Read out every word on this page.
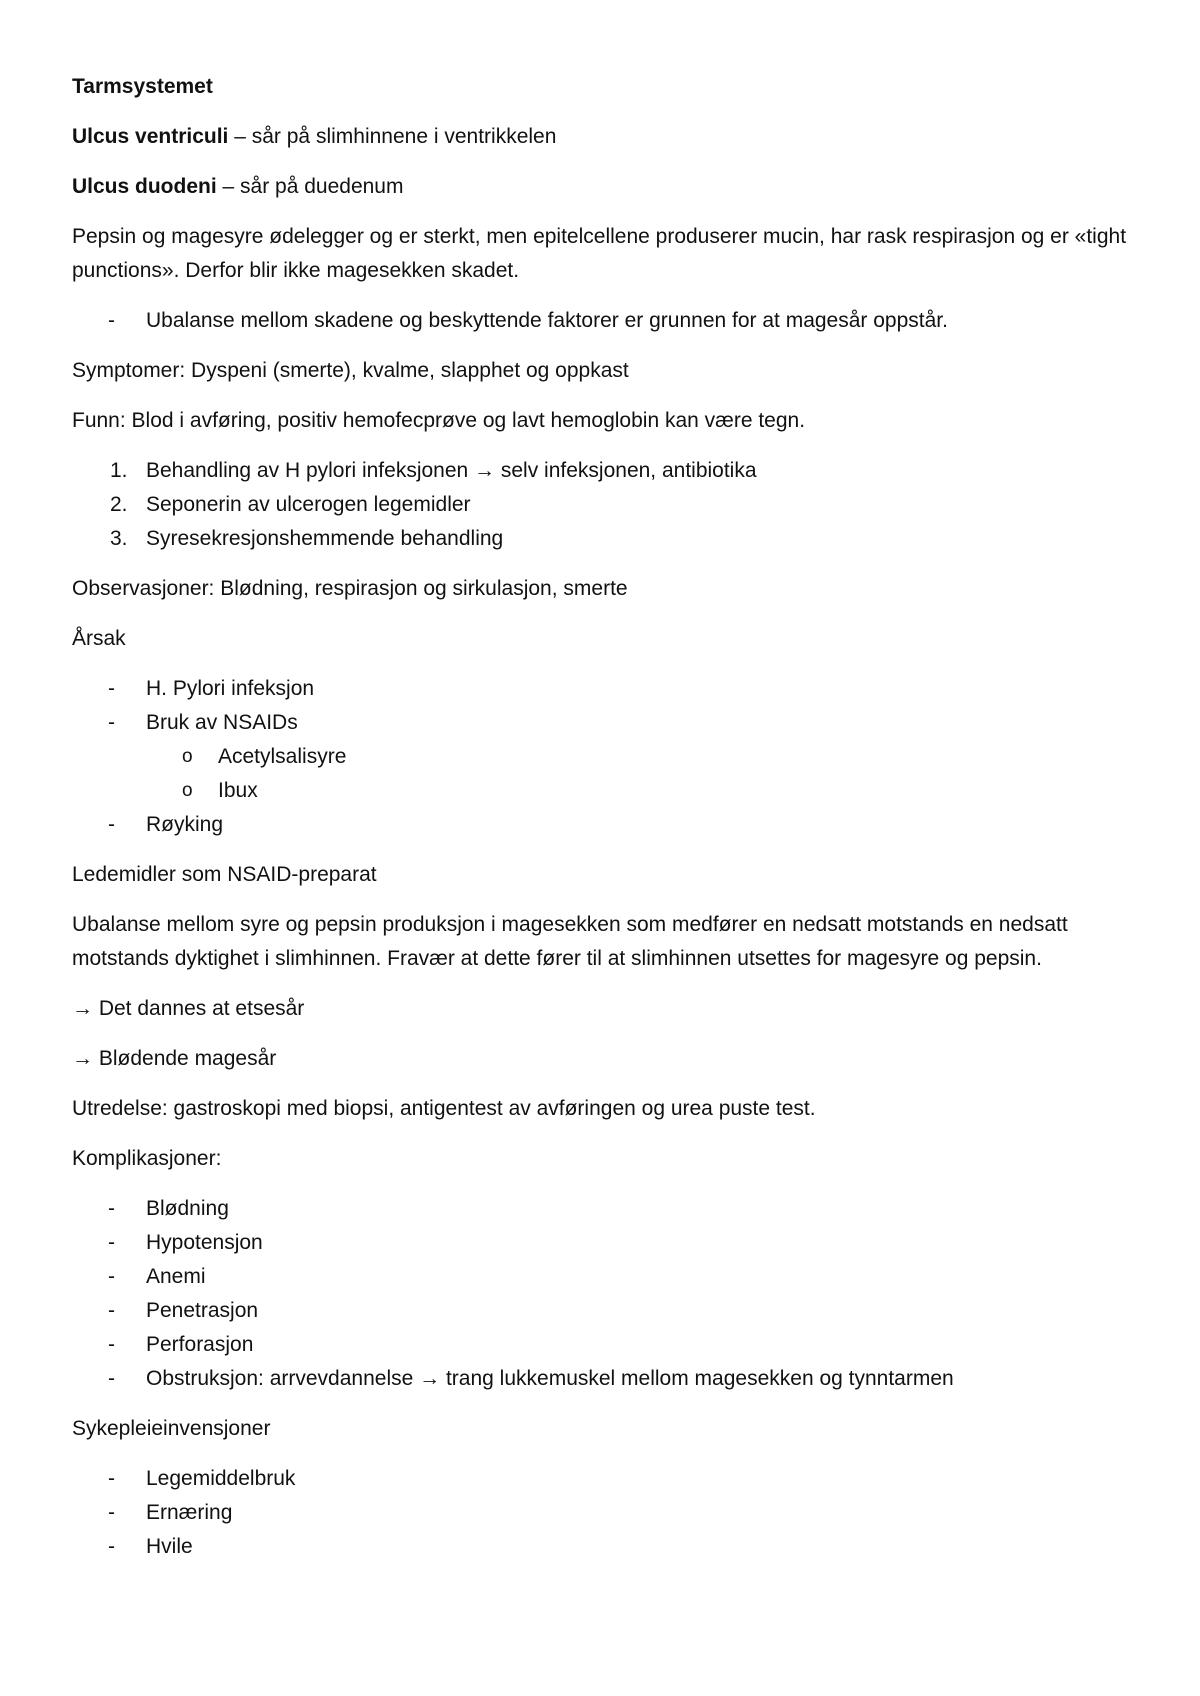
Tarmsystemet

Ulcus ventriculi – sår på slimhinnene i ventrikkelen

Ulcus duodeni – sår på duedenum

Pepsin og magesyre ødelegger og er sterkt, men epitelcellene produserer mucin, har rask respirasjon og er «tight punctions». Derfor blir ikke magesekken skadet.

- Ubalanse mellom skadene og beskyttende faktorer er grunnen for at magesår oppstår.

Symptomer: Dyspeni (smerte), kvalme, slapphet og oppkast

Funn: Blod i avføring, positiv hemofecprøve og lavt hemoglobin kan være tegn.

1. Behandling av H pylori infeksjonen → selv infeksjonen, antibiotika
2. Seponerin av ulcerogen legemidler
3. Syresekresjonshemmende behandling

Observasjoner: Blødning, respirasjon og sirkulasjon, smerte

Årsak

- H. Pylori infeksjon
- Bruk av NSAIDs
o Acetylsalisyre
o Ibux
- Røyking

Ledemidler som NSAID-preparat

Ubalanse mellom syre og pepsin produksjon i magesekken som medfører en nedsatt motstands en nedsatt motstands dyktighet i slimhinnen. Fravær at dette fører til at slimhinnen utsettes for magesyre og pepsin.

→ Det dannes at etsesår

→ Blødende magesår

Utredelse: gastroskopi med biopsi, antigentest av avføringen og urea puste test.

Komplikasjoner:

- Blødning
- Hypotensjon
- Anemi
- Penetrasjon
- Perforasjon
- Obstruksjon: arrvevdannelse → trang lukkemuskel mellom magesekken og tynntarmen

Sykepleieinvensjoner

- Legemiddelbruk
- Ernæring
- Hvile
